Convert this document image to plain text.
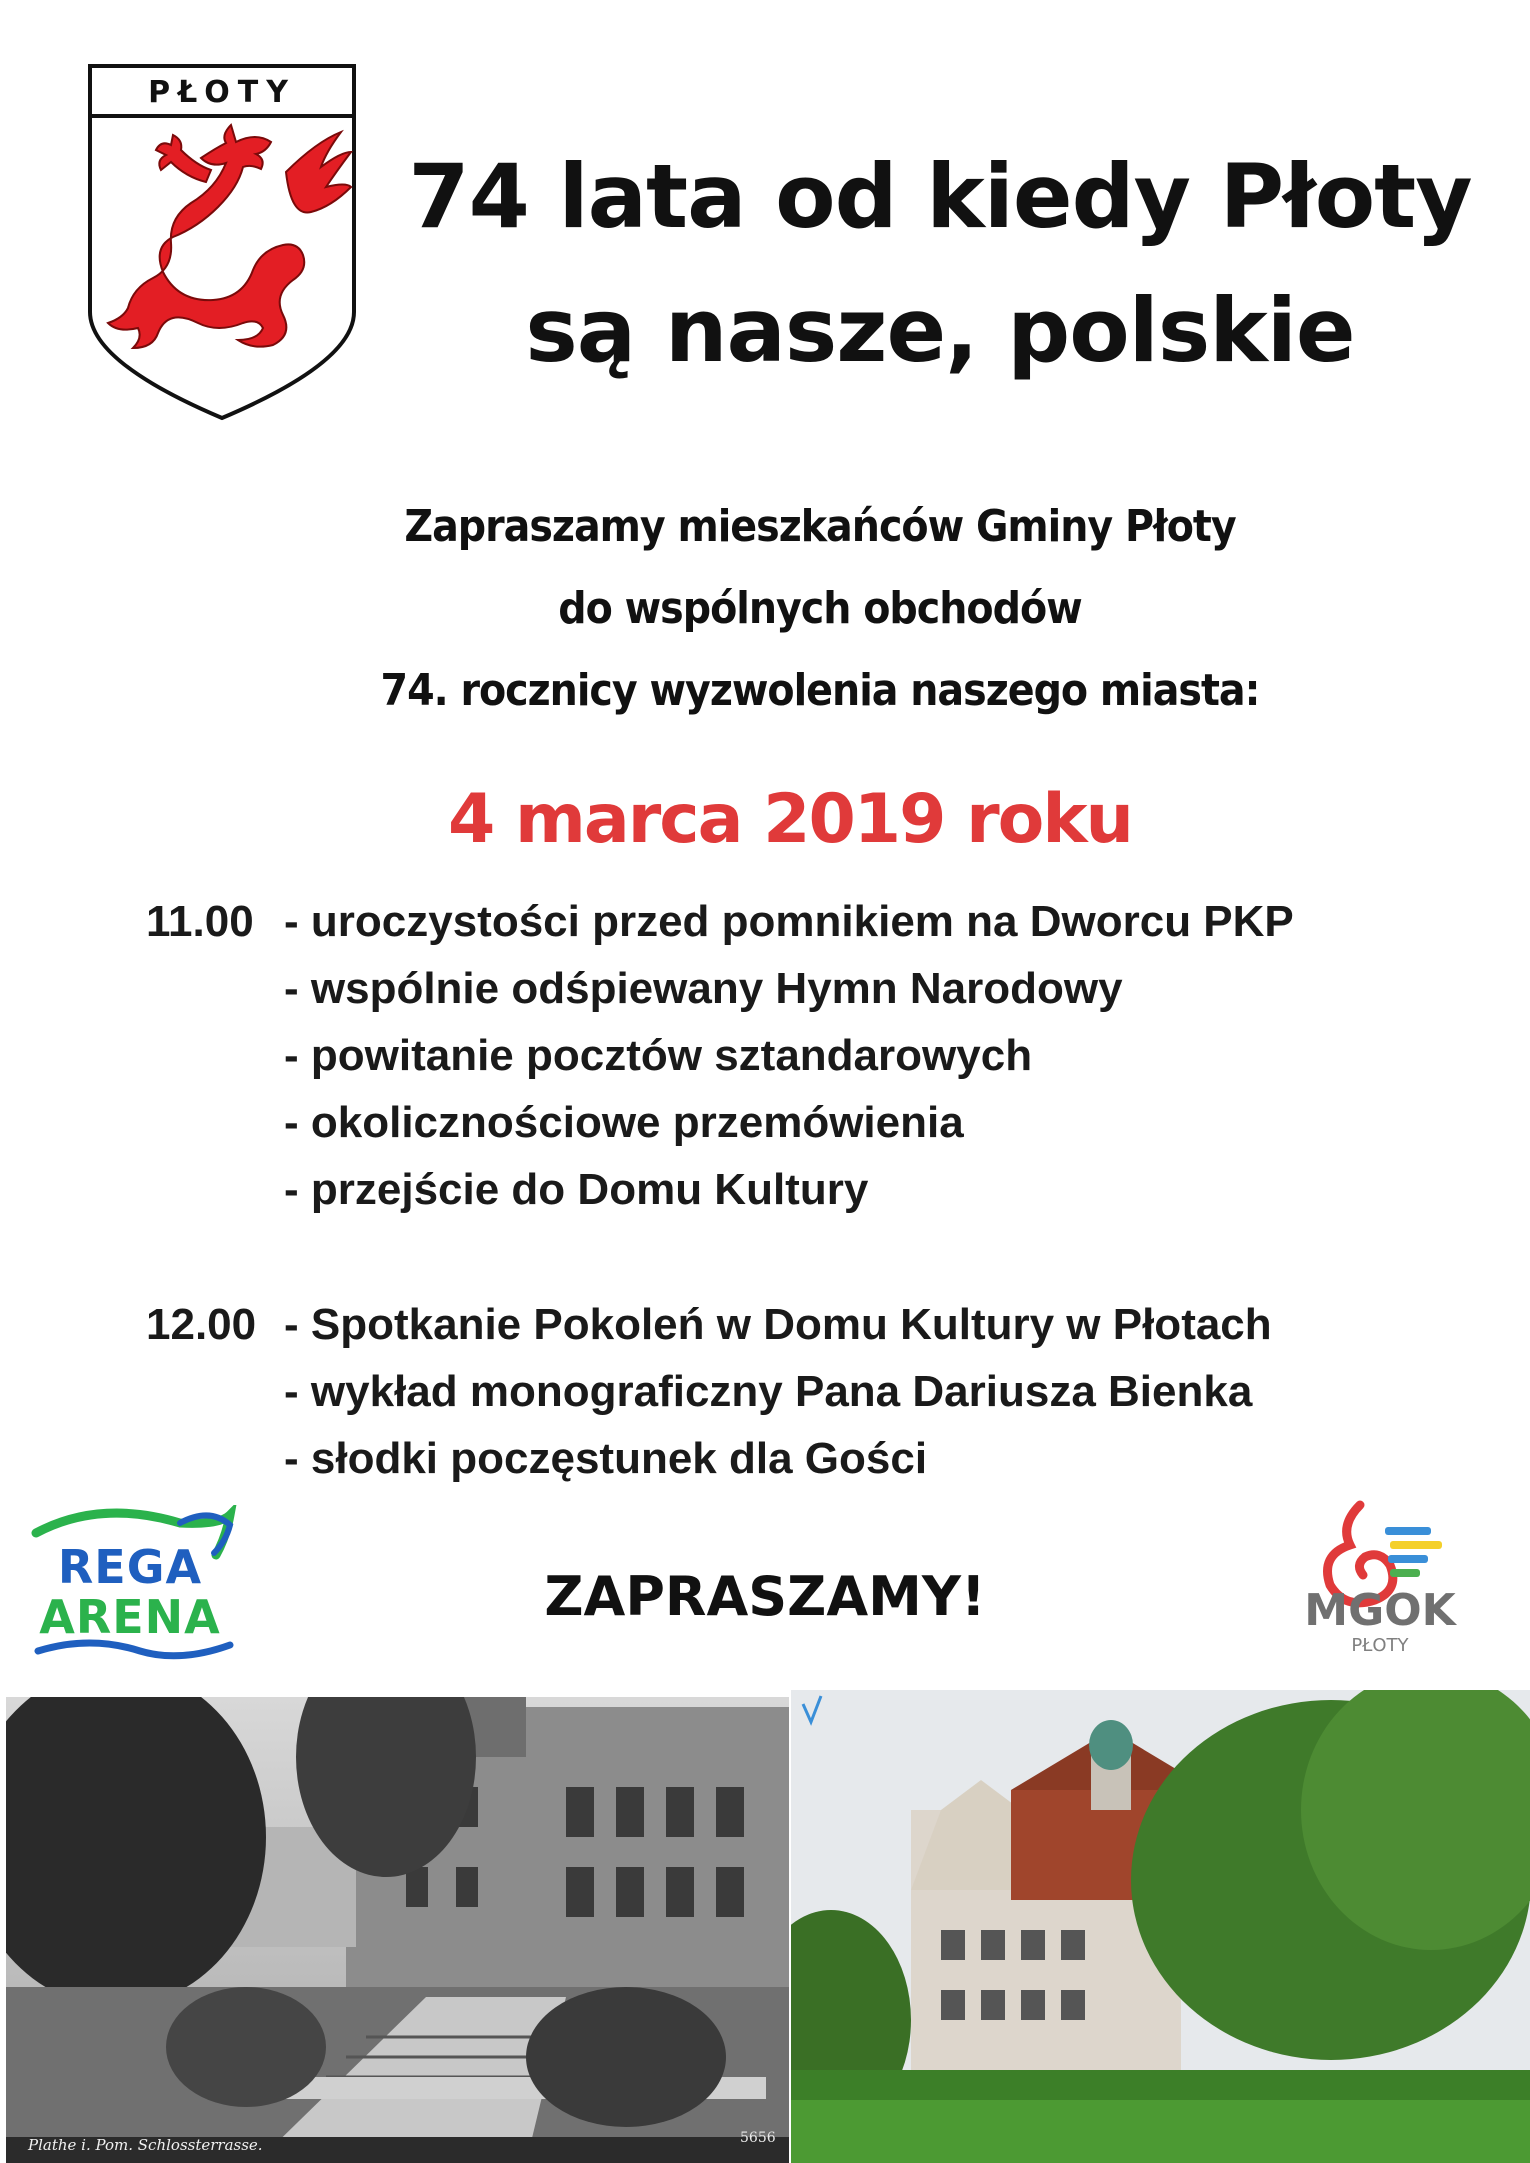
PŁOTY
74 lata od kiedy Płoty
są nasze, polskie
Zapraszamy mieszkańców Gminy Płoty
do wspólnych obchodów
74. rocznicy wyzwolenia naszego miasta:
4 marca 2019 roku
11.00 - uroczystości przed pomnikiem na Dworcu PKP
- wspólnie odśpiewany Hymn Narodowy
- powitanie pocztów sztandarowych
- okolicznościowe przemówienia
- przejście do Domu Kultury
12.00 - Spotkanie Pokoleń w Domu Kultury w Płotach
- wykład monograficzny Pana Dariusza Bienka
- słodki poczęstunek dla Gości
REGA
ARENA	ZAPRASZAMY!	MGOK
PŁOTY
Plathe i. Pom. Schlossterrasse.	5656
